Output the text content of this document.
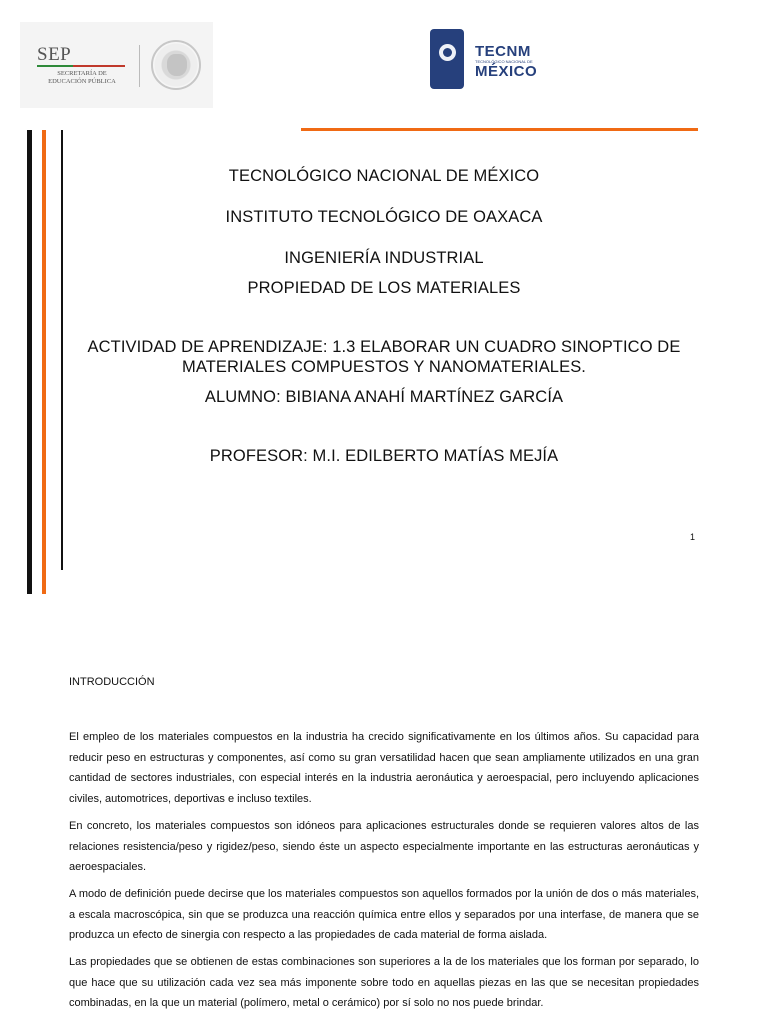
SEP
SECRETARÍA DE
EDUCACIÓN PÚBLICA
TECNM
TECNOLÓGICO NACIONAL DE
MÉXICO
TECNOLÓGICO NACIONAL DE MÉXICO
INSTITUTO TECNOLÓGICO DE OAXACA
INGENIERÍA INDUSTRIAL
PROPIEDAD DE LOS MATERIALES
ACTIVIDAD DE APRENDIZAJE: 1.3 ELABORAR UN CUADRO SINOPTICO DE
MATERIALES COMPUESTOS Y NANOMATERIALES.
ALUMNO: BIBIANA ANAHÍ MARTÍNEZ GARCÍA
PROFESOR: M.I. EDILBERTO MATÍAS MEJÍA
1
INTRODUCCIÓN

El empleo de los materiales compuestos en la industria ha crecido significativamente en los últimos años. Su capacidad para reducir peso en estructuras y componentes, así como su gran versatilidad hacen que sean ampliamente utilizados en una gran cantidad de sectores industriales, con especial interés en la industria aeronáutica y aeroespacial, pero incluyendo aplicaciones civiles, automotrices, deportivas e incluso textiles.

En concreto, los materiales compuestos son idóneos para aplicaciones estructurales donde se requieren valores altos de las relaciones resistencia/peso y rigidez/peso, siendo éste un aspecto especialmente importante en las estructuras aeronáuticas y aeroespaciales.

A modo de definición puede decirse que los materiales compuestos son aquellos formados por la unión de dos o más materiales, a escala macroscópica, sin que se produzca una reacción química entre ellos y separados por una interfase, de manera que se produzca un efecto de sinergia con respecto a las propiedades de cada material de forma aislada.

Las propiedades que se obtienen de estas combinaciones son superiores a la de los materiales que los forman por separado, lo que hace que su utilización cada vez sea más imponente sobre todo en aquellas piezas en las que se necesitan propiedades combinadas, en la que un material (polímero, metal o cerámico) por sí solo no nos puede brindar.
